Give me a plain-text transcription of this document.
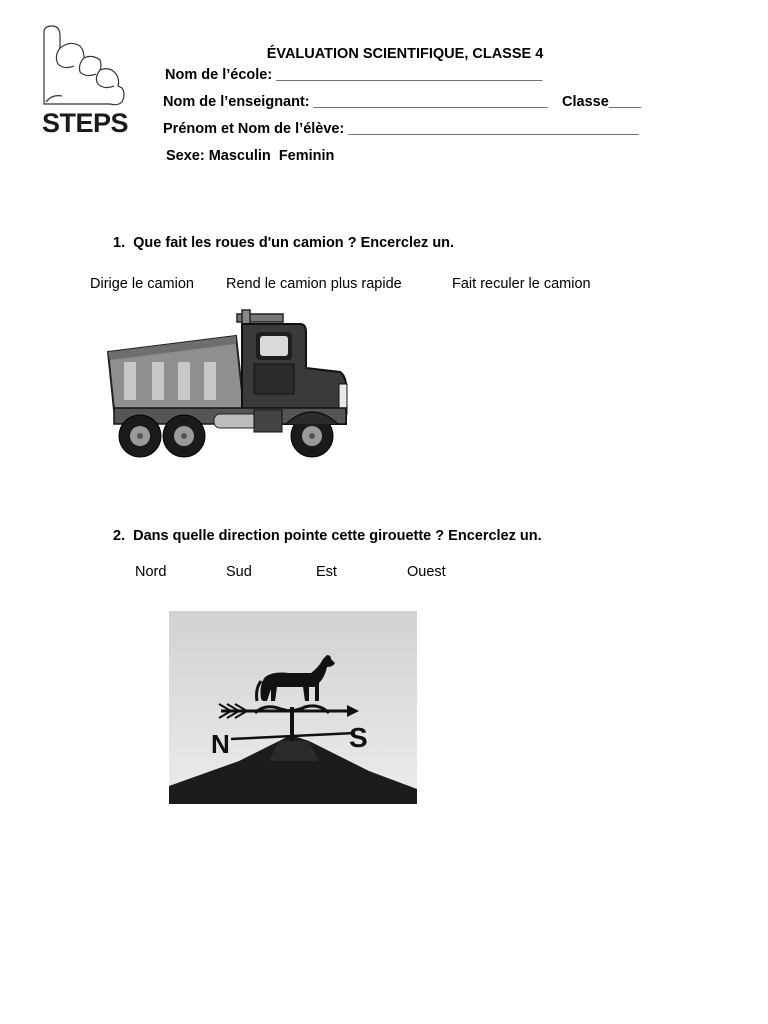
STEPS
ÉVALUATION SCIENTIFIQUE, CLASSE 4
Nom de l’école: _________________________________
Nom de l’enseignant: _____________________________ Classe____
Prénom et Nom de l’élève: ____________________________________
Sexe: Masculin  Feminin
1.  Que fait les roues d'un camion ? Encerclez un.
Dirige le camion Rend le camion plus rapide	Fait reculer le camion
2.  Dans quelle direction pointe cette girouette ? Encerclez un.
Nord	Sud	Est	Ouest
N	S
